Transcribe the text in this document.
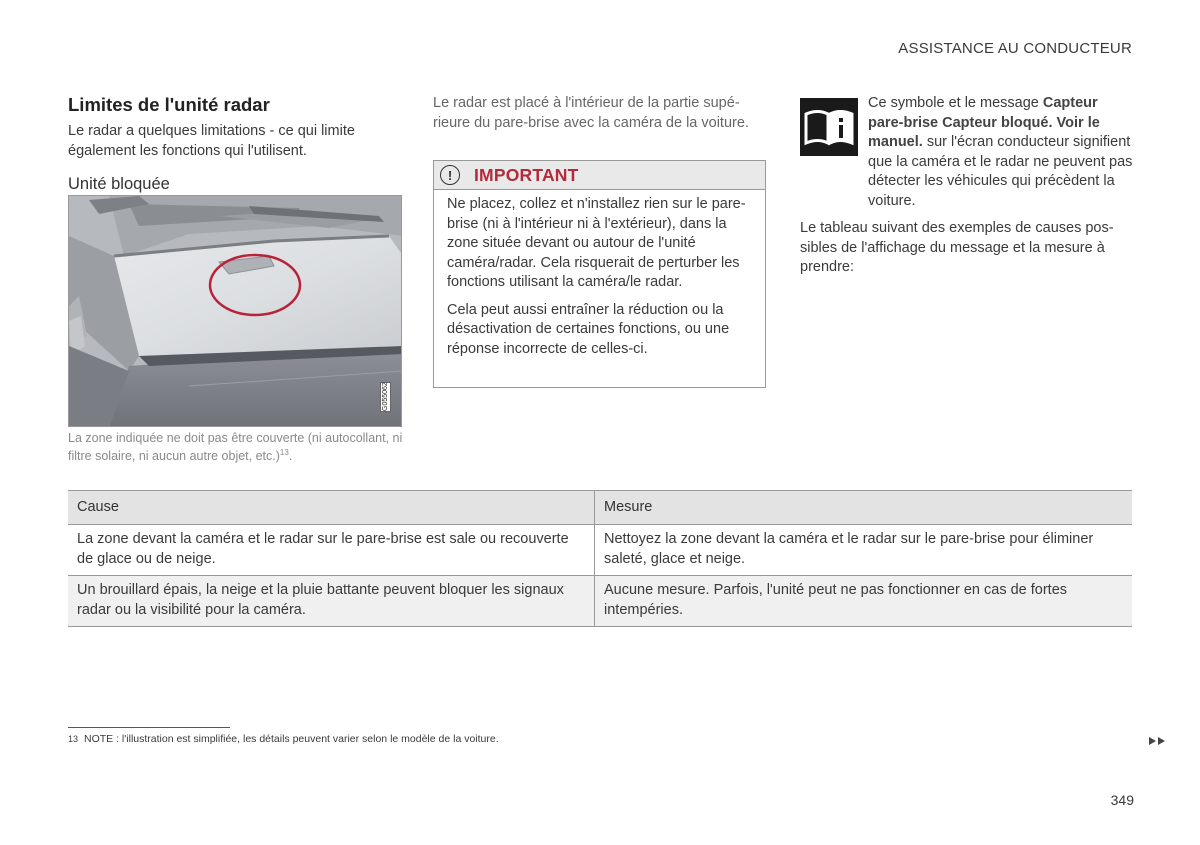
ASSISTANCE AU CONDUCTEUR
Limites de l'unité radar
Le radar a quelques limitations - ce qui limite également les fonctions qui l'utilisent.
Unité bloquée
G055062
La zone indiquée ne doit pas être couverte (ni autocollant, ni filtre solaire, ni aucun autre objet, etc.)$^{13}$.
Le radar est placé à l'intérieur de la partie supérieure du pare-brise avec la caméra de la voiture.
!	IMPORTANT

Ne placez, collez et n'installez rien sur le pare-brise (ni à l'intérieur ni à l'extérieur), dans la zone située devant ou autour de l'unité caméra/radar. Cela risquerait de perturber les fonctions utilisant la caméra/le radar.

Cela peut aussi entraîner la réduction ou la désactivation de certaines fonctions, ou une réponse incorrecte de celles-ci.

Ce symbole et le message Capteur pare-brise Capteur bloqué. Voir le manuel. sur l'écran conducteur signifient que la caméra et le radar ne peuvent pas détecter les véhicules qui précèdent la voiture.
Le tableau suivant des exemples de causes possibles de l'affichage du message et la mesure à prendre:
Cause	Mesure
La zone devant la caméra et le radar sur le pare-brise est sale ou recouverte de glace ou de neige.
Nettoyez la zone devant la caméra et le radar sur le pare-brise pour éliminer saleté, glace et neige.
Un brouillard épais, la neige et la pluie battante peuvent bloquer les signaux radar ou la visibilité pour la caméra.
Aucune mesure. Parfois, l'unité peut ne pas fonctionner en cas de fortes intempéries.
13 NOTE : l'illustration est simplifiée, les détails peuvent varier selon le modèle de la voiture.
349
